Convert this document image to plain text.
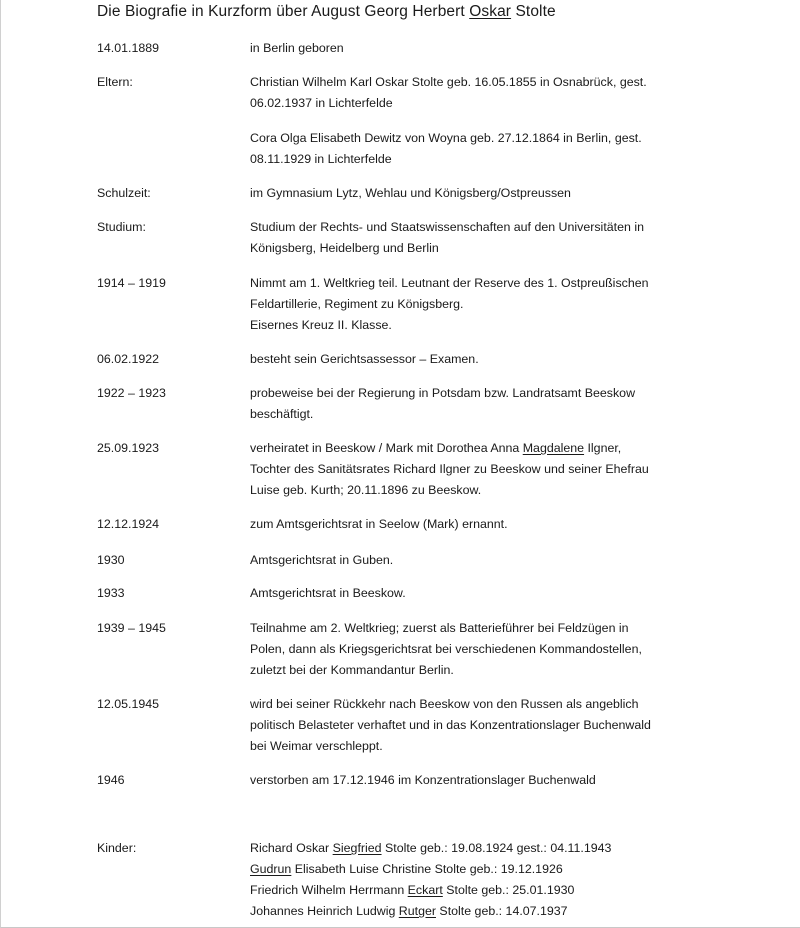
Die Biografie in Kurzform über August Georg Herbert Oskar Stolte
14.01.1889	in Berlin geboren
Eltern:	Christian Wilhelm Karl Oskar Stolte geb. 16.05.1855 in Osnabrück, gest.
06.02.1937 in Lichterfelde
Cora Olga Elisabeth Dewitz von Woyna geb. 27.12.1864 in Berlin, gest.
08.11.1929 in Lichterfelde
Schulzeit:	im Gymnasium Lytz, Wehlau und Königsberg/Ostpreussen
Studium:	Studium der Rechts- und Staatswissenschaften auf den Universitäten in
Königsberg, Heidelberg und Berlin
1914 – 1919	Nimmt am 1. Weltkrieg teil. Leutnant der Reserve des 1. Ostpreußischen
Feldartillerie, Regiment zu Königsberg.
Eisernes Kreuz II. Klasse.
06.02.1922	besteht sein Gerichtsassessor – Examen.
1922 – 1923	probeweise bei der Regierung in Potsdam bzw. Landratsamt Beeskow
beschäftigt.
25.09.1923	verheiratet in Beeskow / Mark mit Dorothea Anna Magdalene Ilgner,
Tochter des Sanitätsrates Richard Ilgner zu Beeskow und seiner Ehefrau
Luise geb. Kurth; 20.11.1896 zu Beeskow.
12.12.1924	zum Amtsgerichtsrat in Seelow (Mark) ernannt.
1930	Amtsgerichtsrat in Guben.
1933	Amtsgerichtsrat in Beeskow.
1939 – 1945	Teilnahme am 2. Weltkrieg; zuerst als Batterieführer bei Feldzügen in
Polen, dann als Kriegsgerichtsrat bei verschiedenen Kommandostellen,
zuletzt bei der Kommandantur Berlin.
12.05.1945	wird bei seiner Rückkehr nach Beeskow von den Russen als angeblich
politisch Belasteter verhaftet und in das Konzentrationslager Buchenwald
bei Weimar verschleppt.
1946	verstorben am 17.12.1946 im Konzentrationslager Buchenwald
Kinder:	Richard Oskar Siegfried Stolte geb.: 19.08.1924 gest.: 04.11.1943
Gudrun Elisabeth Luise Christine Stolte geb.: 19.12.1926
Friedrich Wilhelm Herrmann Eckart Stolte geb.: 25.01.1930
Johannes Heinrich Ludwig Rutger Stolte geb.: 14.07.1937
